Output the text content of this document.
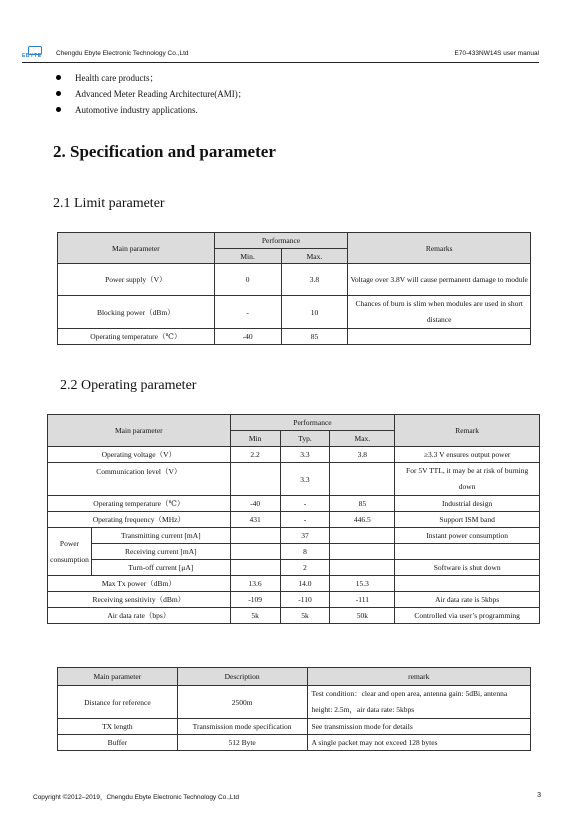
EBYTE Chengdu Ebyte Electronic Technology Co.,Ltd	E70-433NW14S user manual
Health care products；
Advanced Meter Reading Architecture(AMI)；
Automotive industry applications.
2. Specification and parameter
2.1 Limit parameter
Main parameter	Performance		Remarks
	Min.	Max.	
Power supply（V）	0	3.8	Voltage over 3.8V will cause permanent damage to module
Blocking power（dBm）	-	10	Chances of burn is slim when modules are used in short distance
Operating temperature（℃）	-40	85	
2.2 Operating parameter
Main parameter		Performance			Remark
		Min	Typ.	Max.	
Operating voltage（V）		2.2	3.3	3.8	≥3.3 V ensures output power
Communication level（V）			3.3		For 5V TTL, it may be at risk of burning down
Operating temperature（℃）		-40	-	85	Industrial design
Operating frequency（MHz）		431	-	446.5	Support ISM band
Power consumption	Transmitting current [mA]		37		Instant power consumption
	Receiving current [mA]		8		
	Turn-off current [μA]		2		Software is shut down
Max Tx power（dBm）		13.6	14.0	15.3	
Receiving sensitivity（dBm）		-109	-110	-111	Air data rate is 5kbps
Air data rate（bps）		5k	5k	50k	Controlled via user’s programming
Main parameter	Description	remark
Distance for reference	2500m	Test condition：clear and open area, antenna gain: 5dBi, antenna height: 2.5m，air data rate: 5kbps
TX length	Transmission mode specification	See transmission mode for details
Buffer	512 Byte	A single packet may not exceed 128 bytes
Copyright ©2012–2019，Chengdu Ebyte Electronic Technology Co.,Ltd	3
